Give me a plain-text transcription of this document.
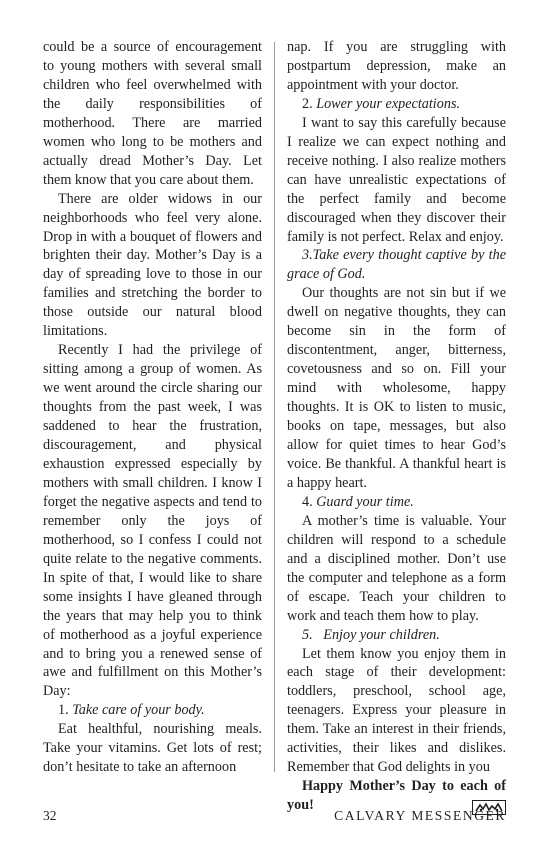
could be a source of encouragement to young mothers with several small children who feel overwhelmed with the daily responsibilities of motherhood. There are married women who long to be mothers and actually dread Mother’s Day. Let them know that you care about them.

There are older widows in our neighborhoods who feel very alone. Drop in with a bouquet of flowers and brighten their day. Mother’s Day is a day of spreading love to those in our families and stretching the border to those outside our natural blood limitations.

Recently I had the privilege of sitting among a group of women. As we went around the circle sharing our thoughts from the past week, I was saddened to hear the frustration, discouragement, and physical exhaustion expressed especially by mothers with small children. I know I forget the negative aspects and tend to remember only the joys of motherhood, so I confess I could not quite relate to the negative comments. In spite of that, I would like to share some insights I have gleaned through the years that may help you to think of motherhood as a joyful experience and to bring you a renewed sense of awe and fulfillment on this Mother’s Day:

1. Take care of your body.

Eat healthful, nourishing meals. Take your vitamins. Get lots of rest; don’t hesitate to take an afternoon

nap. If you are struggling with postpartum depression, make an appointment with your doctor.

2. Lower your expectations.

I want to say this carefully because I realize we can expect nothing and receive nothing. I also realize mothers can have unrealistic expectations of the perfect family and become discouraged when they discover their family is not perfect. Relax and enjoy.

3.Take every thought captive by the grace of God.

Our thoughts are not sin but if we dwell on negative thoughts, they can become sin in the form of discontentment, anger, bitterness, covetousness and so on. Fill your mind with wholesome, happy thoughts. It is OK to listen to music, books on tape, messages, but also allow for quiet times to hear God’s voice. Be thankful. A thankful heart is a happy heart.

4. Guard your time.

A mother’s time is valuable. Your children will respond to a schedule and a disciplined mother. Don’t use the computer and telephone as a form of escape. Teach your children to work and teach them how to play.

5.   Enjoy your children.

Let them know you enjoy them in each stage of their development: toddlers, preschool, school age, teenagers. Express your pleasure in them. Take an interest in their friends, activities, their likes and dislikes. Remember that God delights in you

Happy Mother’s Day to each of you!

32	CALVARY MESSENGER
